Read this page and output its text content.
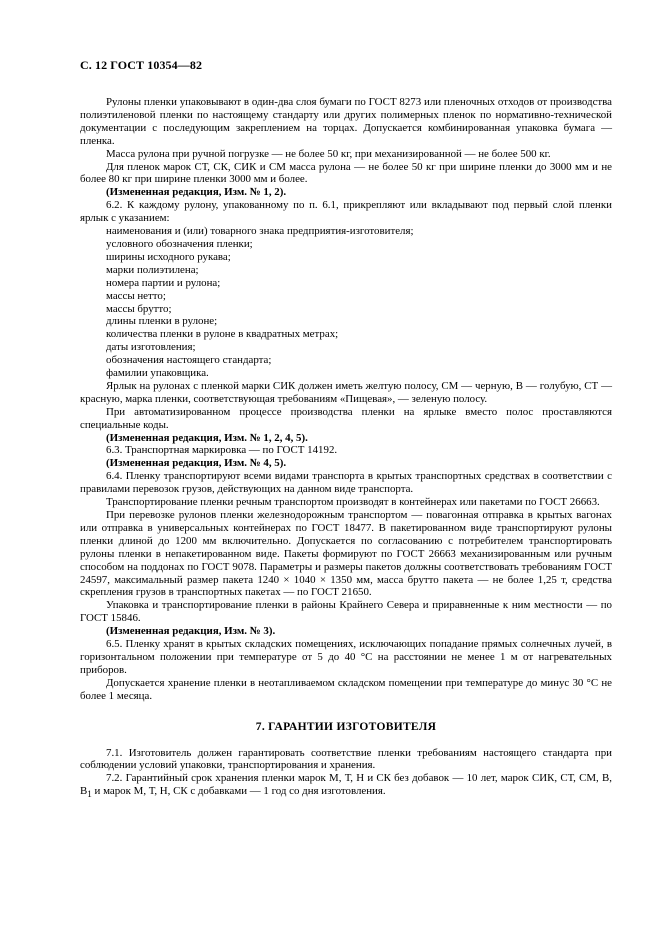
С. 12 ГОСТ 10354—82

Рулоны пленки упаковывают в один-два слоя бумаги по ГОСТ 8273 или пленочных отходов от производства полиэтиленовой пленки по настоящему стандарту или других полимерных пленок по нормативно-технической документации с последующим закреплением на торцах. Допускается комбинированная упаковка бумага — пленка.

Масса рулона при ручной погрузке — не более 50 кг, при механизированной — не более 500 кг.

Для пленок марок СТ, СК, СИК и СМ масса рулона — не более 50 кг при ширине пленки до 3000 мм и не более 80 кг при ширине пленки 3000 мм и более.

(Измененная редакция, Изм. № 1, 2).

6.2. К каждому рулону, упакованному по п. 6.1, прикрепляют или вкладывают под первый слой пленки ярлык с указанием:

наименования и (или) товарного знака предприятия-изготовителя;

условного обозначения пленки;

ширины исходного рукава;

марки полиэтилена;

номера партии и рулона;

массы нетто;

массы брутто;

длины пленки в рулоне;

количества пленки в рулоне в квадратных метрах;

даты изготовления;

обозначения настоящего стандарта;

фамилии упаковщика.

Ярлык на рулонах с пленкой марки СИК должен иметь желтую полосу, СМ — черную, В — голубую, СТ — красную, марка пленки, соответствующая требованиям «Пищевая», — зеленую полосу.

При автоматизированном процессе производства пленки на ярлыке вместо полос проставляются специальные коды.

(Измененная редакция, Изм. № 1, 2, 4, 5).

6.3. Транспортная маркировка — по ГОСТ 14192.

(Измененная редакция, Изм. № 4, 5).

6.4. Пленку транспортируют всеми видами транспорта в крытых транспортных средствах в соответствии с правилами перевозок грузов, действующих на данном виде транспорта.

Транспортирование пленки речным транспортом производят в контейнерах или пакетами по ГОСТ 26663.

При перевозке рулонов пленки железнодорожным транспортом — повагонная отправка в крытых вагонах или отправка в универсальных контейнерах по ГОСТ 18477. В пакетированном виде транспортируют рулоны пленки длиной до 1200 мм включительно. Допускается по согласованию с потребителем транспортировать рулоны пленки в непакетированном виде. Пакеты формируют по ГОСТ 26663 механизированным или ручным способом на поддонах по ГОСТ 9078. Параметры и размеры пакетов должны соответствовать требованиям ГОСТ 24597, максимальный размер пакета 1240 × 1040 × 1350 мм, масса брутто пакета — не более 1,25 т, средства скрепления грузов в транспортных пакетах — по ГОСТ 21650.

Упаковка и транспортирование пленки в районы Крайнего Севера и приравненные к ним местности — по ГОСТ 15846.

(Измененная редакция, Изм. № 3).

6.5. Пленку хранят в крытых складских помещениях, исключающих попадание прямых солнечных лучей, в горизонтальном положении при температуре от 5 до 40 °С на расстоянии не менее 1 м от нагревательных приборов.

Допускается хранение пленки в неотапливаемом складском помещении при температуре до минус 30 °С не более 1 месяца.

7. ГАРАНТИИ ИЗГОТОВИТЕЛЯ

7.1. Изготовитель должен гарантировать соответствие пленки требованиям настоящего стандарта при соблюдении условий упаковки, транспортирования и хранения.

7.2. Гарантийный срок хранения пленки марок М, Т, Н и СК без добавок — 10 лет, марок СИК, СТ, СМ, В, $В_1$ и марок М, Т, Н, СК с добавками — 1 год со дня изготовления.
